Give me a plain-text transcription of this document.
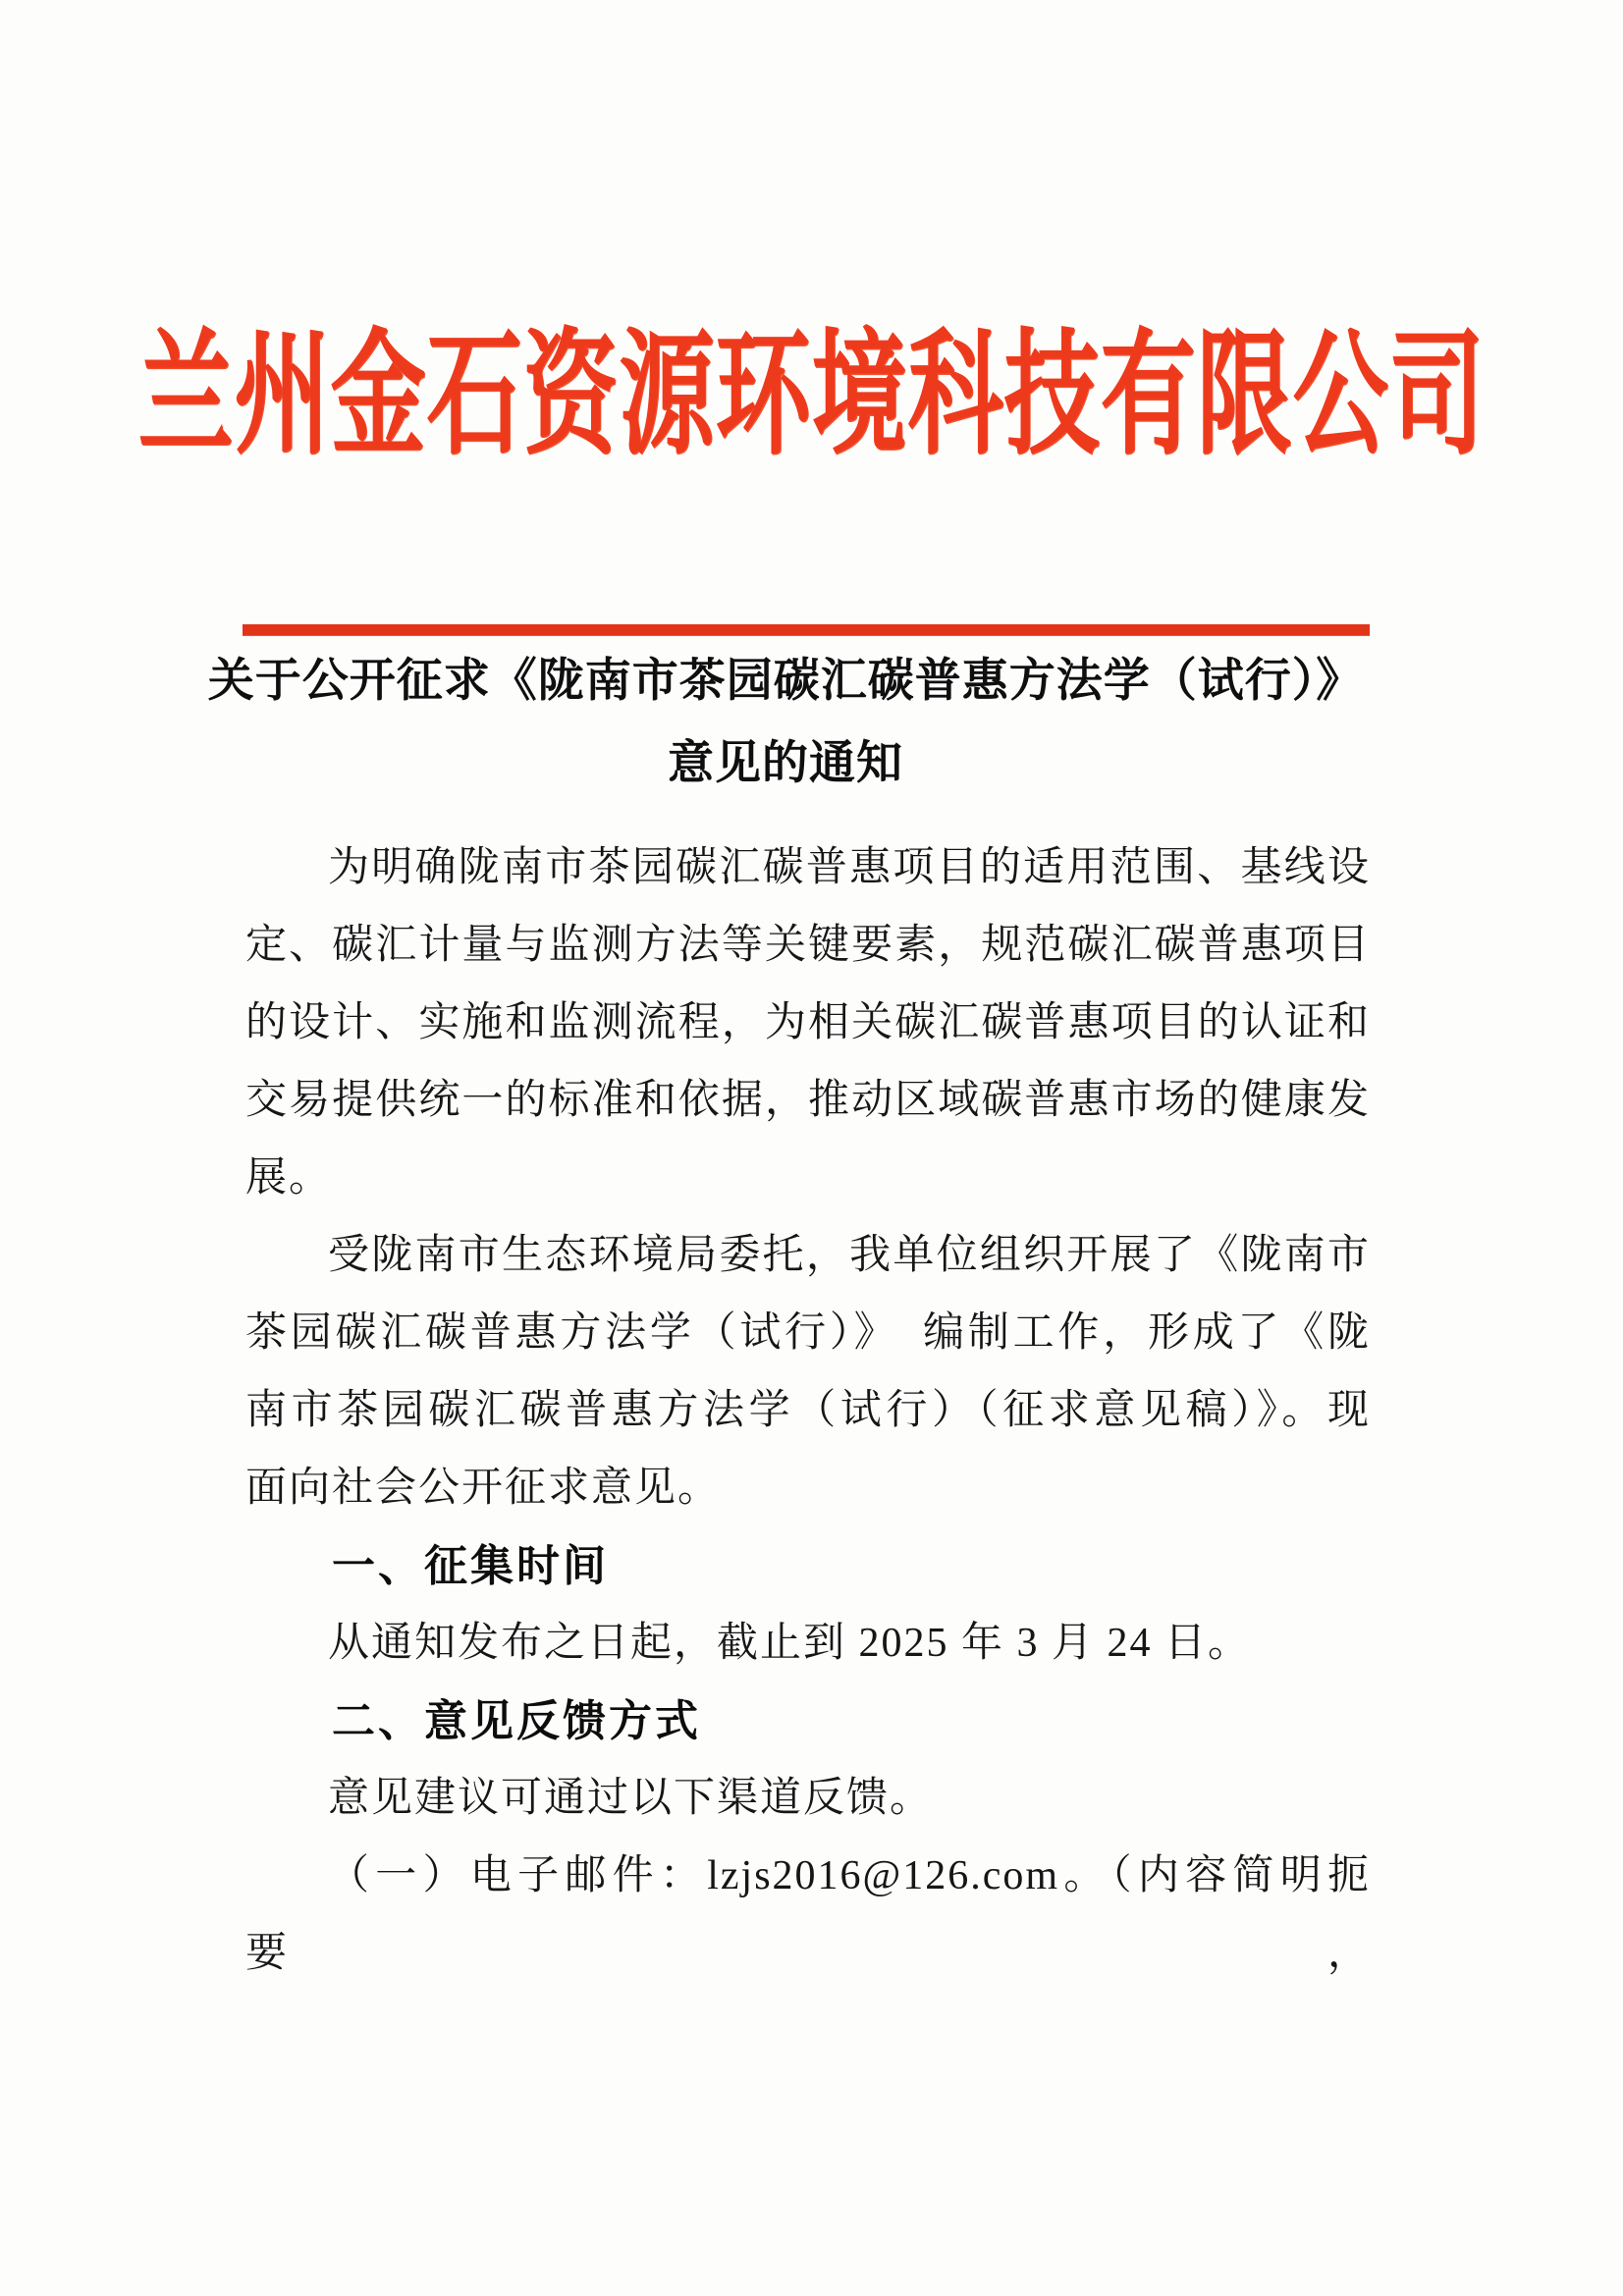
兰州金石资源环境科技有限公司
关于公开征求《陇南市茶园碳汇碳普惠方法学（试行）》
意见的通知
为明确陇南市茶园碳汇碳普惠项目的适用范围、基线设
定、碳汇计量与监测方法等关键要素，规范碳汇碳普惠项目
的设计、实施和监测流程，为相关碳汇碳普惠项目的认证和
交易提供统一的标准和依据，推动区域碳普惠市场的健康发
展。
受陇南市生态环境局委托，我单位组织开展了《陇南市
茶园碳汇碳普惠方法学（试行）》　编制工作，形成了《陇
南市茶园碳汇碳普惠方法学（试行）（征求意见稿）》。现
面向社会公开征求意见。
一、征集时间
从通知发布之日起，截止到 2025 年 3 月 24 日。
二、意见反馈方式
意见建议可通过以下渠道反馈。
（一）电子邮件：lzjs2016@126.com。（内容简明扼要，
